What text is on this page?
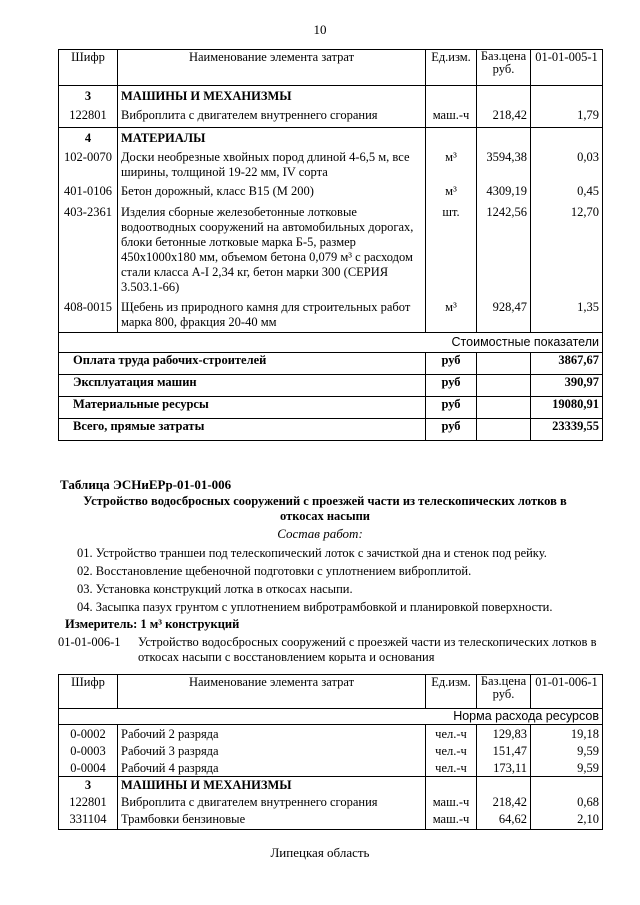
10
Шифр	Наименование элемента затрат	Ед.изм.	Баз.цена руб.	01-01-005-1
3	МАШИНЫ И МЕХАНИЗМЫ			
122801	Виброплита с двигателем внутреннего сгорания	маш.-ч	218,42	1,79
4	МАТЕРИАЛЫ			
102-0070	Доски необрезные хвойных пород длиной 4-6,5 м, все ширины, толщиной 19-22 мм, IV сорта	м³	3594,38	0,03
401-0106	Бетон дорожный, класс В15 (М 200)	м³	4309,19	0,45
403-2361	Изделия сборные железобетонные лотковые водоотводных сооружений на автомобильных дорогах, блоки бетонные лотковые марка Б-5, размер 450x1000x180 мм, объемом бетона 0,079 м³ с расходом стали класса А-I 2,34 кг, бетон марки 300 (СЕРИЯ 3.503.1-66)	шт.	1242,56	12,70
408-0015	Щебень из природного камня для строительных работ марка 800, фракция 20-40 мм	м³	928,47	1,35
Стоимостные показатели				
Оплата труда рабочих-строителей		руб		3867,67
Эксплуатация машин		руб		390,97
Материальные ресурсы		руб		19080,91
Всего, прямые затраты		руб		23339,55
Таблица ЭСНиЕРр-01-01-006
Устройство водосбросных сооружений с проезжей части из телескопических лотков в откосах насыпи
Состав работ:
01. Устройство траншеи под телескопический лоток с зачисткой дна и стенок под рейку.
02. Восстановление щебеночной подготовки с уплотнением виброплитой.
03. Установка конструкций лотка в откосах насыпи.
04. Засыпка пазух грунтом с уплотнением вибротрамбовкой и планировкой поверхности.
Измеритель: 1 м³ конструкций
01-01-006-1 Устройство водосбросных сооружений с проезжей части из телескопических лотков в откосах насыпи с восстановлением корыта и основания
Шифр	Наименование элемента затрат	Ед.изм.	Баз.цена руб.	01-01-006-1
Норма расхода ресурсов				
0-0002	Рабочий 2 разряда	чел.-ч	129,83	19,18
0-0003	Рабочий 3 разряда	чел.-ч	151,47	9,59
0-0004	Рабочий 4 разряда	чел.-ч	173,11	9,59
3	МАШИНЫ И МЕХАНИЗМЫ			
122801	Виброплита с двигателем внутреннего сгорания	маш.-ч	218,42	0,68
331104	Трамбовки бензиновые	маш.-ч	64,62	2,10
Липецкая область
